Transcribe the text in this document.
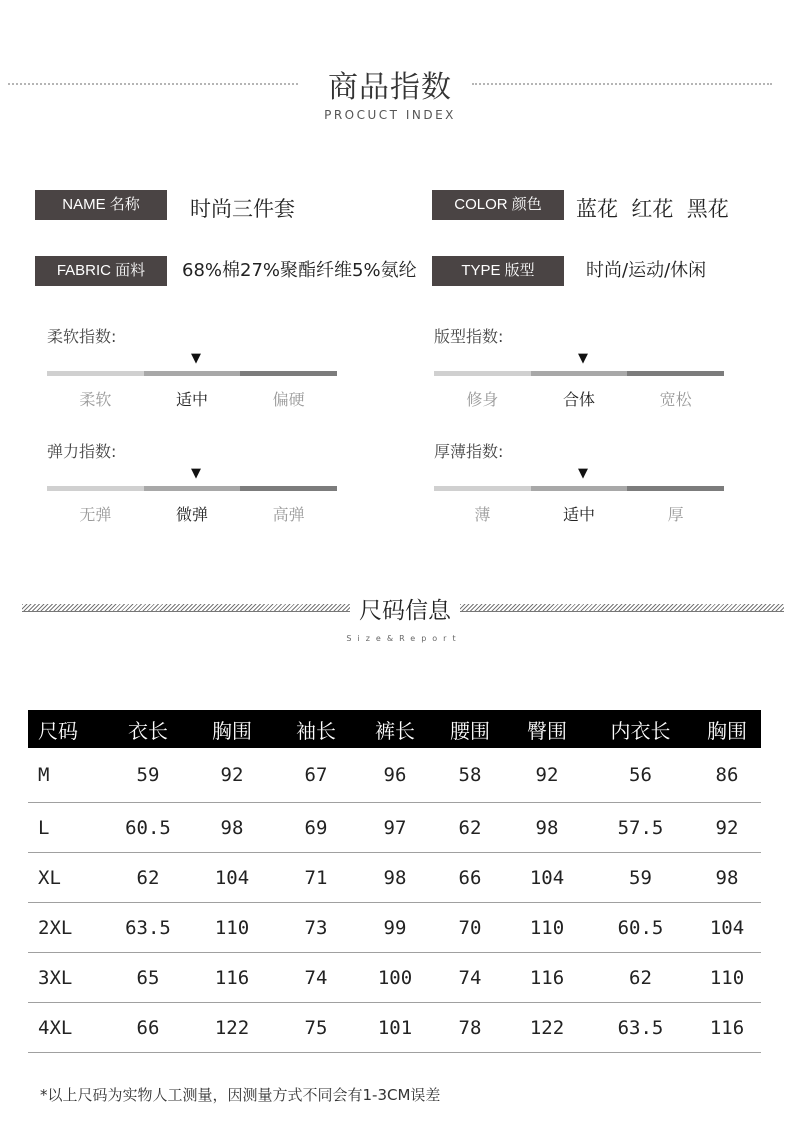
商品指数
PROCUCT INDEX
NAME 名称	时尚三件套	COLOR 颜色	蓝花  红花  黑花
FABRIC 面料	68%棉27%聚酯纤维5%氨纶	TYPE 版型	时尚/运动/休闲
柔软指数:
▼
柔软	适中	偏硬
版型指数:
▼
修身	合体	宽松
弹力指数:
▼
无弹	微弹	高弹
厚薄指数:
▼
薄	适中	厚
尺码信息
Size&Report
尺码	衣长	胸围	袖长	裤长	腰围	臀围	内衣长	胸围
M	59	92	67	96	58	92	56	86
L	60.5	98	69	97	62	98	57.5	92
XL	62	104	71	98	66	104	59	98
2XL	63.5	110	73	99	70	110	60.5	104
3XL	65	116	74	100	74	116	62	110
4XL	66	122	75	101	78	122	63.5	116
*以上尺码为实物人工测量，因测量方式不同会有1-3CM误差
